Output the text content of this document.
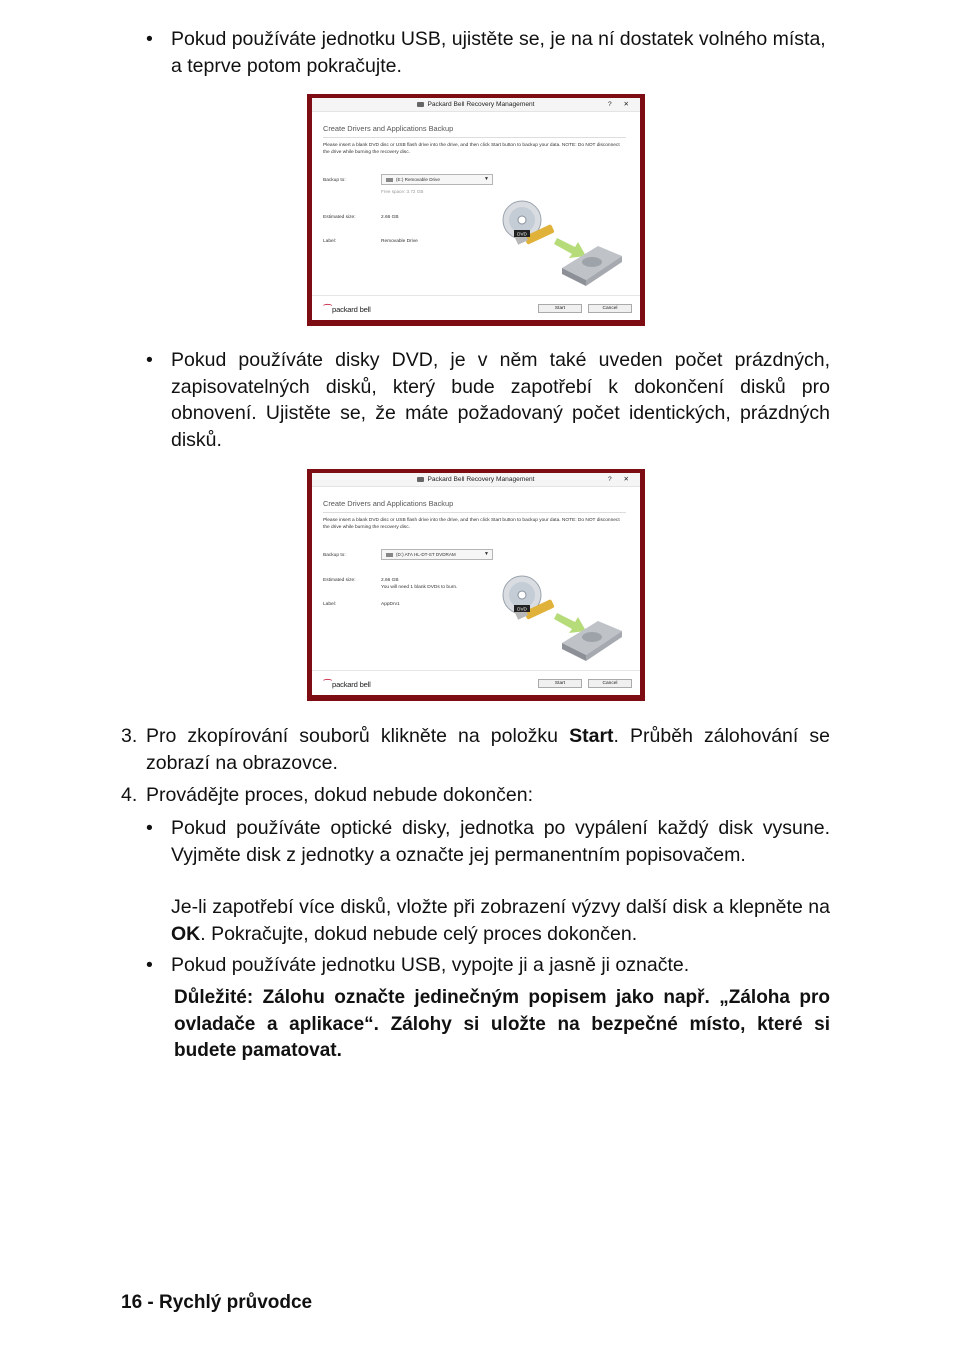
• Pokud používáte jednotku USB, ujistěte se, je na ní dostatek volného místa, a teprve potom pokračujte.
Packard Bell Recovery Management	? ✕
Create Drivers and Applications Backup
Please insert a blank DVD disc or USB flash drive into the drive, and then click Start button to backup your data. NOTE: Do NOT disconnect the drive while burning the recovery disc.
Backup to:	(E:) Removable Drive	▼
Free space: 3.72 GB
Estimated size:	2.66 GB
Label:	Removable Drive
DVD
⁀packard bell	Start	Cancel
• Pokud používáte disky DVD, je v něm také uveden počet prázdných, zapisovatelných disků, který bude zapotřebí k dokončení disků pro obnovení. Ujistěte se, že máte požadovaný počet identických, prázdných disků.
Packard Bell Recovery Management	? ✕
Create Drivers and Applications Backup
Please insert a blank DVD disc or USB flash drive into the drive, and then click Start button to backup your data. NOTE: Do NOT disconnect the drive while burning the recovery disc.
Backup to:	(D:) ATA HL-DT-ST DVDRAM	▼
Estimated size:	2.66 GB
You will need 1 blank DVDs to burn.
Label:	AppDrv1
DVD
⁀packard bell	Start	Cancel
3. Pro zkopírování souborů klikněte na položku Start. Průběh zálohování se zobrazí na obrazovce.
4. Provádějte proces, dokud nebude dokončen:
• Pokud používáte optické disky, jednotka po vypálení každý disk vysune. Vyjměte disk z jednotky a označte jej permanentním popisovačem.
Je-li zapotřebí více disků, vložte při zobrazení výzvy další disk a klepněte na OK. Pokračujte, dokud nebude celý proces dokončen.
• Pokud používáte jednotku USB, vypojte ji a jasně ji označte.
Důležité: Zálohu označte jedinečným popisem jako např. „Záloha pro ovladače a aplikace“. Zálohy si uložte na bezpečné místo, které si budete pamatovat.
16 - Rychlý průvodce
